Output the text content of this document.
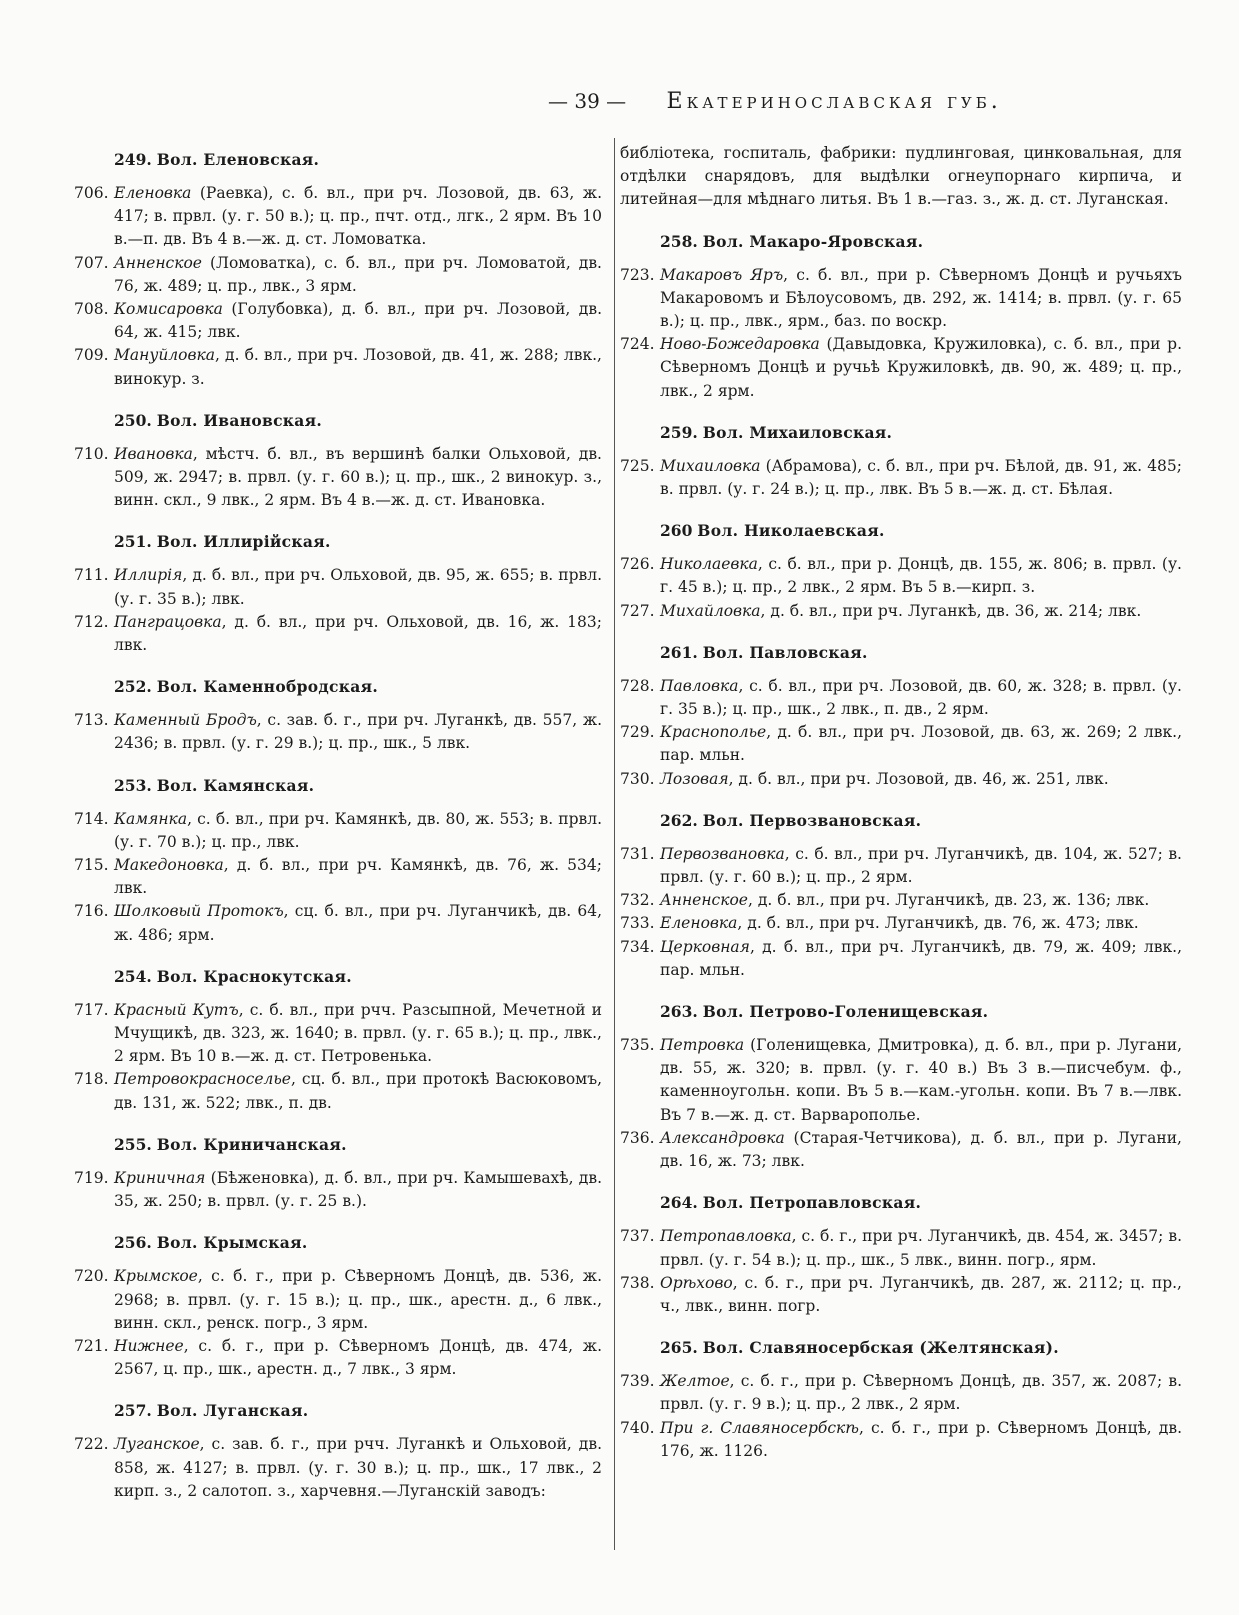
— 39 — Екатеринославская губ.
249. Вол. Еленовская.
706. Еленовка (Раевка), с. б. вл., при рч. Лозовой, дв. 63, ж. 417; в. првл. (у. г. 50 в.); ц. пр., пчт. отд., лгк., 2 ярм. Въ 10 в.—п. дв. Въ 4 в.—ж. д. ст. Ломоватка.
707. Анненское (Ломоватка), с. б. вл., при рч. Ломоватой, дв. 76, ж. 489; ц. пр., лвк., 3 ярм.
708. Комисаровка (Голубовка), д. б. вл., при рч. Лозовой, дв. 64, ж. 415; лвк.
709. Мануйловка, д. б. вл., при рч. Лозовой, дв. 41, ж. 288; лвк., винокур. з.
250. Вол. Ивановская.
710. Ивановка, мѣстч. б. вл., въ вершинѣ балки Ольховой, дв. 509, ж. 2947; в. првл. (у. г. 60 в.); ц. пр., шк., 2 винокур. з., винн. скл., 9 лвк., 2 ярм. Въ 4 в.—ж. д. ст. Ивановка.
251. Вол. Иллирійская.
711. Иллирія, д. б. вл., при рч. Ольховой, дв. 95, ж. 655; в. првл. (у. г. 35 в.); лвк.
712. Панграцовка, д. б. вл., при рч. Ольховой, дв. 16, ж. 183; лвк.
252. Вол. Каменнобродская.
713. Каменный Бродъ, с. зав. б. г., при рч. Луганкѣ, дв. 557, ж. 2436; в. првл. (у. г. 29 в.); ц. пр., шк., 5 лвк.
253. Вол. Камянская.
714. Камянка, с. б. вл., при рч. Камянкѣ, дв. 80, ж. 553; в. првл. (у. г. 70 в.); ц. пр., лвк.
715. Македоновка, д. б. вл., при рч. Камянкѣ, дв. 76, ж. 534; лвк.
716. Шолковый Протокъ, сц. б. вл., при рч. Луганчикѣ, дв. 64, ж. 486; ярм.
254. Вол. Краснокутская.
717. Красный Кутъ, с. б. вл., при рчч. Разсыпной, Мечетной и Мчущикѣ, дв. 323, ж. 1640; в. првл. (у. г. 65 в.); ц. пр., лвк., 2 ярм. Въ 10 в.—ж. д. ст. Петровенька.
718. Петровокрасноселье, сц. б. вл., при протокѣ Васюковомъ, дв. 131, ж. 522; лвк., п. дв.
255. Вол. Криничанская.
719. Криничная (Бѣженовка), д. б. вл., при рч. Камышевахѣ, дв. 35, ж. 250; в. првл. (у. г. 25 в.).
256. Вол. Крымская.
720. Крымское, с. б. г., при р. Сѣверномъ Донцѣ, дв. 536, ж. 2968; в. првл. (у. г. 15 в.); ц. пр., шк., арестн. д., 6 лвк., винн. скл., ренск. погр., 3 ярм.
721. Нижнее, с. б. г., при р. Сѣверномъ Донцѣ, дв. 474, ж. 2567, ц. пр., шк., арестн. д., 7 лвк., 3 ярм.
257. Вол. Луганская.
722. Луганское, с. зав. б. г., при рчч. Луганкѣ и Ольховой, дв. 858, ж. 4127; в. првл. (у. г. 30 в.); ц. пр., шк., 17 лвк., 2 кирп. з., 2 салотоп. з., харчевня.—Луганскій заводъ:
библіотека, госпиталь, фабрики: пудлинговая, цинковальная, для отдѣлки снарядовъ, для выдѣлки огнеупорнаго кирпича, и литейная—для мѣднаго литья. Въ 1 в.—газ. з., ж. д. ст. Луганская.
258. Вол. Макаро-Яровская.
723. Макаровъ Яръ, с. б. вл., при р. Сѣверномъ Донцѣ и ручьяхъ Макаровомъ и Бѣлоусовомъ, дв. 292, ж. 1414; в. првл. (у. г. 65 в.); ц. пр., лвк., ярм., баз. по воскр.
724. Ново-Божедаровка (Давыдовка, Кружиловка), с. б. вл., при р. Сѣверномъ Донцѣ и ручьѣ Кружиловкѣ, дв. 90, ж. 489; ц. пр., лвк., 2 ярм.
259. Вол. Михаиловская.
725. Михаиловка (Абрамова), с. б. вл., при рч. Бѣлой, дв. 91, ж. 485; в. првл. (у. г. 24 в.); ц. пр., лвк. Въ 5 в.—ж. д. ст. Бѣлая.
260 Вол. Николаевская.
726. Николаевка, с. б. вл., при р. Донцѣ, дв. 155, ж. 806; в. првл. (у. г. 45 в.); ц. пр., 2 лвк., 2 ярм. Въ 5 в.—кирп. з.
727. Михайловка, д. б. вл., при рч. Луганкѣ, дв. 36, ж. 214; лвк.
261. Вол. Павловская.
728. Павловка, с. б. вл., при рч. Лозовой, дв. 60, ж. 328; в. првл. (у. г. 35 в.); ц. пр., шк., 2 лвк., п. дв., 2 ярм.
729. Краснополье, д. б. вл., при рч. Лозовой, дв. 63, ж. 269; 2 лвк., пар. мльн.
730. Лозовая, д. б. вл., при рч. Лозовой, дв. 46, ж. 251, лвк.
262. Вол. Первозвановская.
731. Первозвановка, с. б. вл., при рч. Луганчикѣ, дв. 104, ж. 527; в. првл. (у. г. 60 в.); ц. пр., 2 ярм.
732. Анненское, д. б. вл., при рч. Луганчикѣ, дв. 23, ж. 136; лвк.
733. Еленовка, д. б. вл., при рч. Луганчикѣ, дв. 76, ж. 473; лвк.
734. Церковная, д. б. вл., при рч. Луганчикѣ, дв. 79, ж. 409; лвк., пар. мльн.
263. Вол. Петрово-Голенищевская.
735. Петровка (Голенищевка, Дмитровка), д. б. вл., при р. Лугани, дв. 55, ж. 320; в. првл. (у. г. 40 в.) Въ 3 в.—писчебум. ф., каменноугольн. копи. Въ 5 в.—кам.-угольн. копи. Въ 7 в.—лвк. Въ 7 в.—ж. д. ст. Варварополье.
736. Александровка (Старая-Четчикова), д. б. вл., при р. Лугани, дв. 16, ж. 73; лвк.
264. Вол. Петропавловская.
737. Петропавловка, с. б. г., при рч. Луганчикѣ, дв. 454, ж. 3457; в. првл. (у. г. 54 в.); ц. пр., шк., 5 лвк., винн. погр., ярм.
738. Орѣхово, с. б. г., при рч. Луганчикѣ, дв. 287, ж. 2112; ц. пр., ч., лвк., винн. погр.
265. Вол. Славяносербская (Желтянская).
739. Желтое, с. б. г., при р. Сѣверномъ Донцѣ, дв. 357, ж. 2087; в. првл. (у. г. 9 в.); ц. пр., 2 лвк., 2 ярм.
740. При г. Славяносербскѣ, с. б. г., при р. Сѣверномъ Донцѣ, дв. 176, ж. 1126.
